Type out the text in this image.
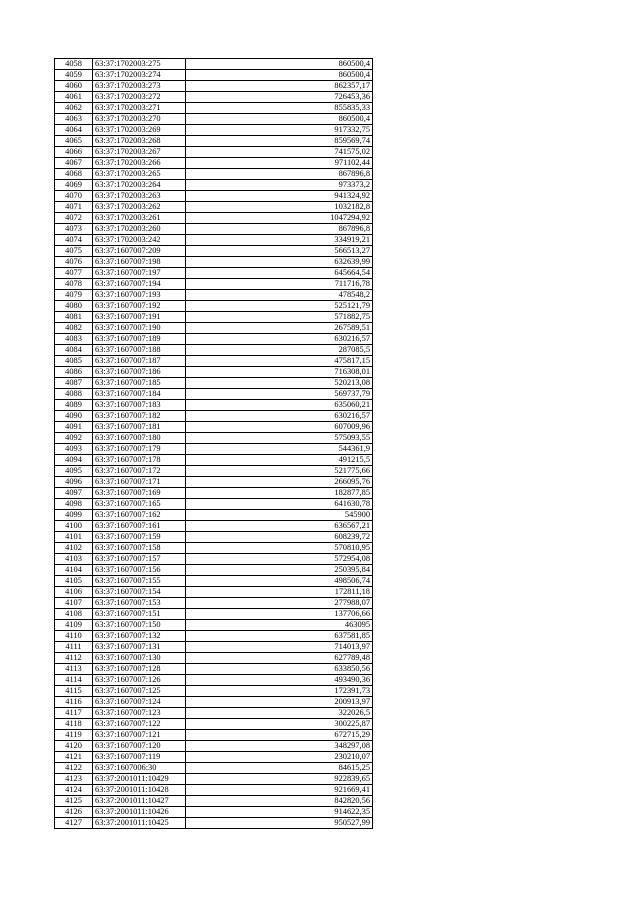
4058	63:37:1702003:275	860500,4
4059	63:37:1702003:274	860500,4
4060	63:37:1702003:273	862357,17
4061	63:37:1702003:272	726453,36
4062	63:37:1702003:271	855835,33
4063	63:37:1702003:270	860500,4
4064	63:37:1702003:269	917332,75
4065	63:37:1702003:268	859569,74
4066	63:37:1702003:267	741575,02
4067	63:37:1702003:266	971102,44
4068	63:37:1702003:265	867896,8
4069	63:37:1702003:264	973373,2
4070	63:37:1702003:263	941324,92
4071	63:37:1702003:262	1032182,8
4072	63:37:1702003:261	1047294,92
4073	63:37:1702003:260	867896,8
4074	63:37:1702003:242	334919,21
4075	63:37:1607007:209	566513,27
4076	63:37:1607007:198	632639,99
4077	63:37:1607007:197	645664,54
4078	63:37:1607007:194	711716,78
4079	63:37:1607007:193	478548,2
4080	63:37:1607007:192	525121,79
4081	63:37:1607007:191	571882,75
4082	63:37:1607007:190	267589,51
4083	63:37:1607007:189	630216,57
4084	63:37:1607007:188	287085,5
4085	63:37:1607007:187	475817,15
4086	63:37:1607007:186	716308,01
4087	63:37:1607007:185	520213,08
4088	63:37:1607007:184	569737,79
4089	63:37:1607007:183	635060,21
4090	63:37:1607007:182	630216,57
4091	63:37:1607007:181	607009,96
4092	63:37:1607007:180	575093,55
4093	63:37:1607007:179	544361,9
4094	63:37:1607007:178	491215,5
4095	63:37:1607007:172	521775,66
4096	63:37:1607007:171	266095,76
4097	63:37:1607007:169	182877,85
4098	63:37:1607007:165	641630,78
4099	63:37:1607007:162	545900
4100	63:37:1607007:161	636567,21
4101	63:37:1607007:159	608239,72
4102	63:37:1607007:158	570810,95
4103	63:37:1607007:157	572954,08
4104	63:37:1607007:156	250395,84
4105	63:37:1607007:155	498506,74
4106	63:37:1607007:154	172811,18
4107	63:37:1607007:153	277988,07
4108	63:37:1607007:151	137706,66
4109	63:37:1607007:150	463095
4110	63:37:1607007:132	637581,85
4111	63:37:1607007:131	714013,97
4112	63:37:1607007:130	627789,48
4113	63:37:1607007:128	633850,56
4114	63:37:1607007:126	493490,36
4115	63:37:1607007:125	172391,73
4116	63:37:1607007:124	200913,97
4117	63:37:1607007:123	322026,5
4118	63:37:1607007:122	300225,87
4119	63:37:1607007:121	672715,29
4120	63:37:1607007:120	348297,08
4121	63:37:1607007:119	230210,07
4122	63:37:1607006:30	84615,25
4123	63:37:2001011:10429	922839,65
4124	63:37:2001011:10428	921669,41
4125	63:37:2001011:10427	842820,56
4126	63:37:2001011:10426	914622,35
4127	63:37:2001011:10425	950527,99
